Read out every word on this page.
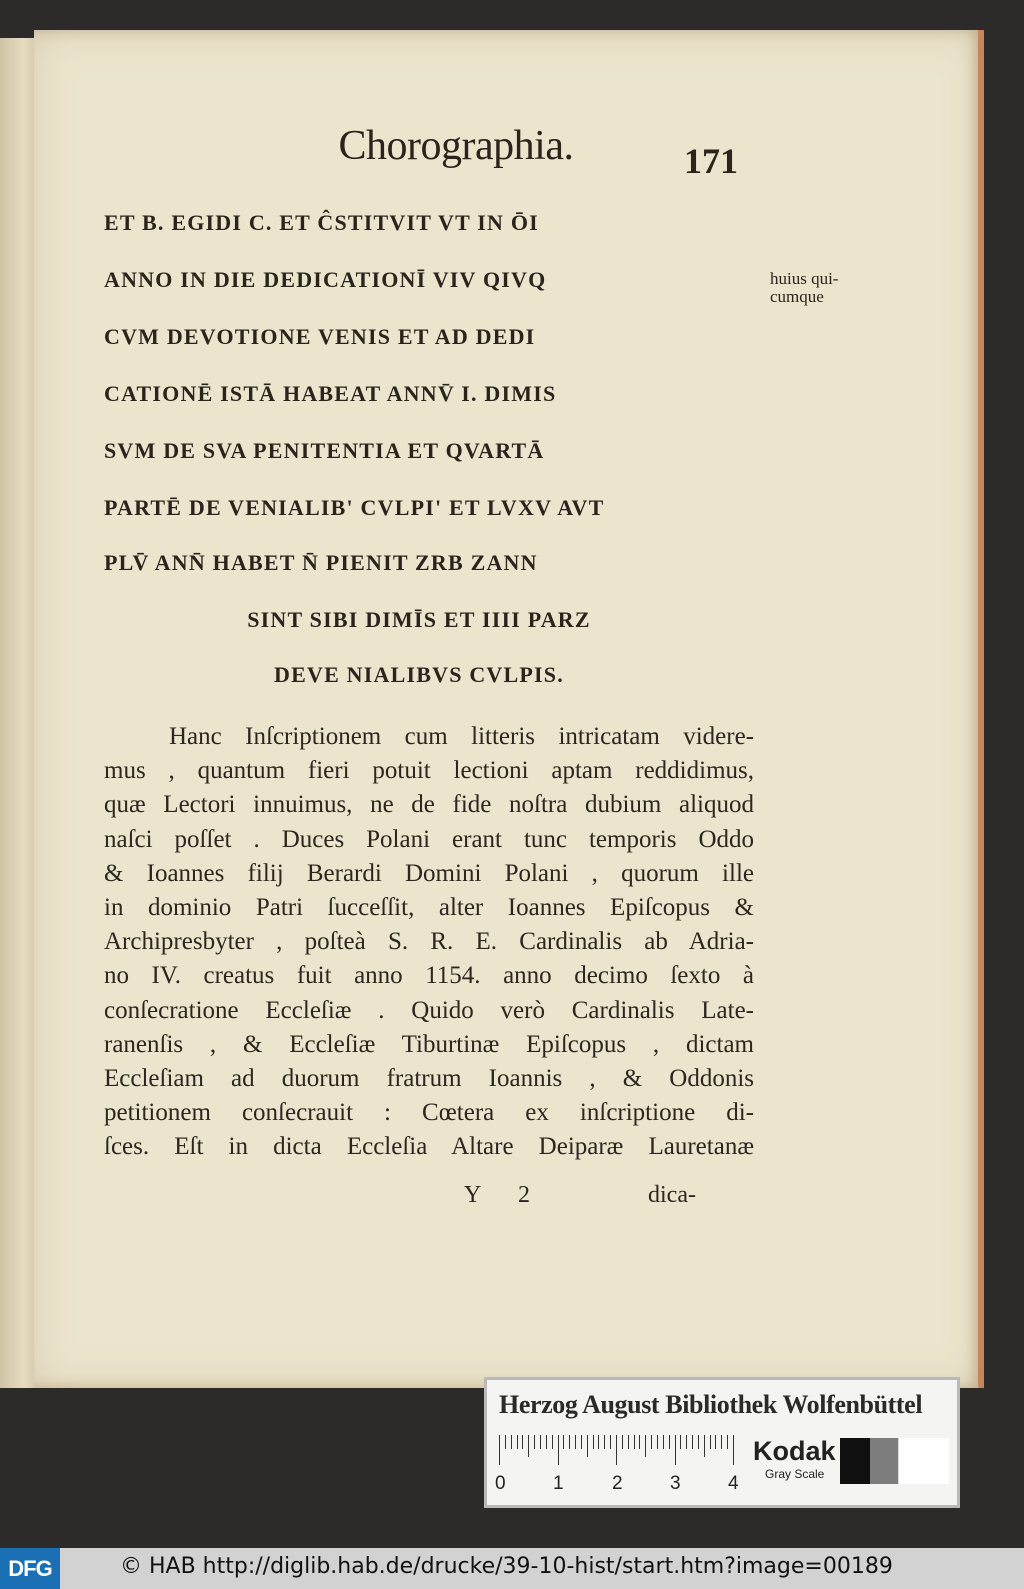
Chorographia.	171
ET B. EGIDI C. ET ĈSTITVIT VT IN ŌI
ANNO IN DIE DEDICATIONĪ VIV QIVQ
CVM DEVOTIONE VENIS ET AD DEDI
CATIONĒ ISTĀ HABEAT ANNV̄ I. DIMIS
SVM DE SVA PENITENTIA ET QVARTĀ
PARTĒ DE VENIALIB' CVLPI' ET LVXV AVT
PLV̄ ANN̄ HABET N̄ PIENIT ZRB ZANN
SINT SIBI DIMĪS ET IIII PARZ
DEVE NIALIBVS CVLPIS.
huius qui-cumque
Hanc Inſcriptionem cum litteris intricatam videre-
mus , quantum fieri potuit lectioni aptam reddidimus,
quæ Lectori innuimus, ne de fide noſtra dubium aliquod
naſci poſſet . Duces Polani erant tunc temporis Oddo
& Ioannes filij Berardi Domini Polani , quorum ille
in dominio Patri ſucceſſit, alter Ioannes Epiſcopus &
Archipresbyter , poſteà S. R. E. Cardinalis ab Adria-
no IV. creatus fuit anno 1154. anno decimo ſexto à
conſecratione Eccleſiæ . Quido verò Cardinalis Late-
ranenſis , & Eccleſiæ Tiburtinæ Epiſcopus , dictam
Eccleſiam ad duorum fratrum Ioannis , & Oddonis
petitionem conſecrauit : Cœtera ex inſcriptione di-
ſces. Eſt in dicta Eccleſia Altare Deiparæ Lauretanæ
Y 2	dica-
Herzog August Bibliothek Wolfenbüttel
0 1	2 3 4
Kodak
Gray Scale
DFG	© HAB http://diglib.hab.de/drucke/39-10-hist/start.htm?image=00189
